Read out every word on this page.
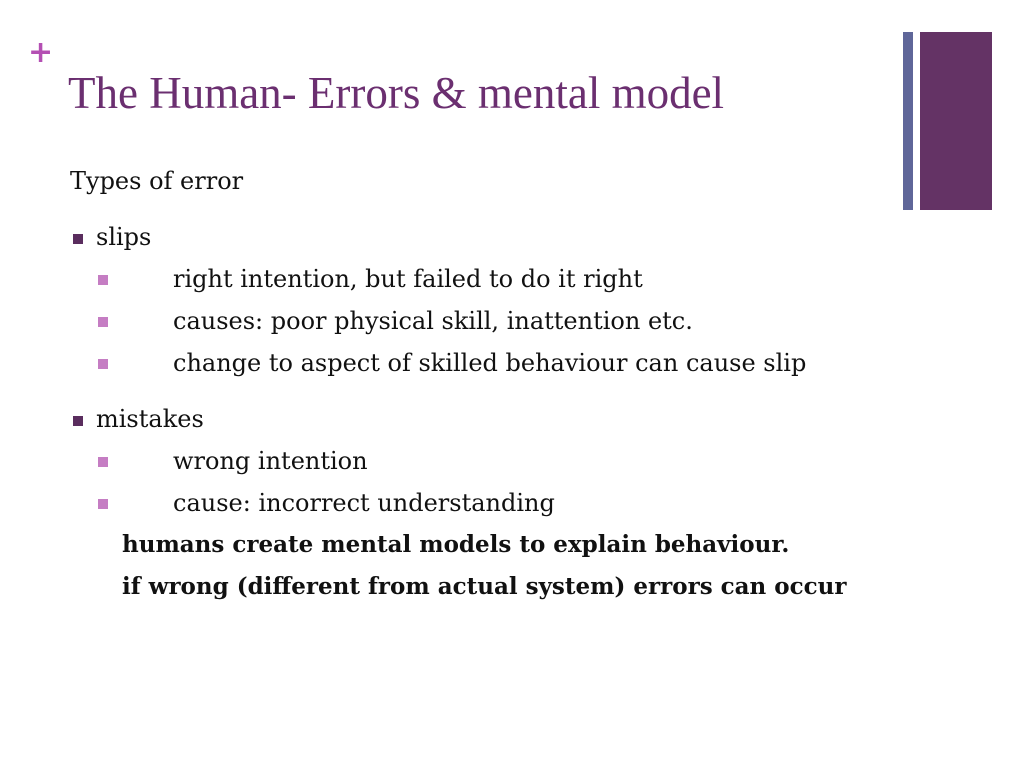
+
The Human- Errors & mental model

Types of error

slips
right intention, but failed to do it right
causes: poor physical skill, inattention etc.
change to aspect of skilled behaviour can cause slip
mistakes
wrong intention
cause: incorrect understanding

humans create mental models to explain behaviour.

if wrong (different from actual system) errors can occur
